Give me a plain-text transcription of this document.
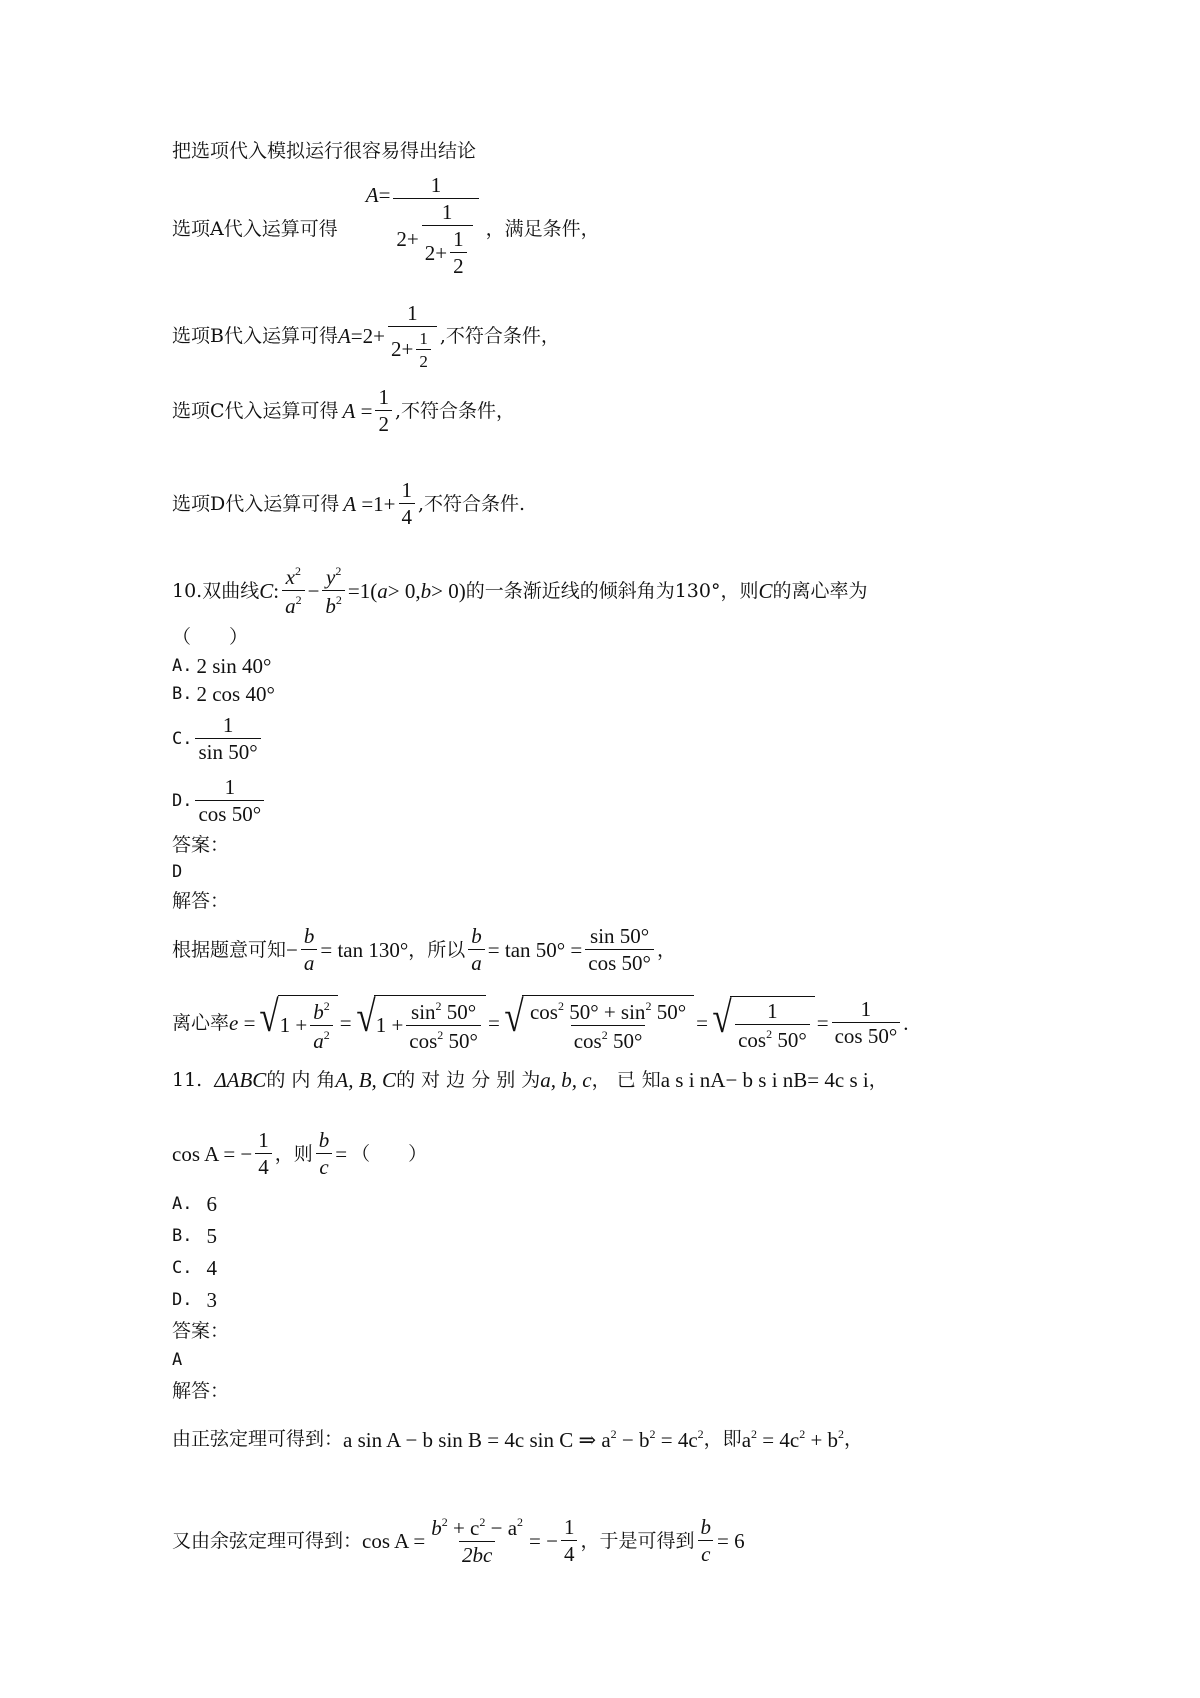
把选项代入模拟运行很容易得出结论
选项A代入运算可得
A= 1
$2+ \frac{1}{2+ \frac{1}{2}}$ ，满足条件，
选项B代入运算可得 $A =2+ \frac{1}{2+ \frac{1}{2}}$ ,不符合条件，
选项C代入运算可得 A
= $\frac{1}{2}$ ,不符合条件，
选项D代入运算可得 A
$=1+ \frac{1}{4}$ ,不符合条件.
10.双曲线 C : $\frac{x^2}{a^2} - \frac{y^2}{b^2} =1$( a > 0, b > 0) 的一条渐近线的倾斜角为130°，则 C 的离心率为
（　　）
A. 2 sin 40°
B. 2 cos 40°
C. $\frac{1}{\sin 50^\circ}$
D. $\frac{1}{\cos 50^\circ}$
答案：
D
解答：
根据题意可知 − $\frac{b}{a} = \tan 130^\circ$ ，所以 $\frac{b}{a} = \tan 50^\circ = \frac{\sin 50^\circ}{\cos 50^\circ}$ ，
离心率 e
= √ $1 + \frac{b^2}{a^2}$ = √ $1 + \frac{\sin^2 50^\circ}{\cos^2 50^\circ}$ = √ $\frac{\cos^2 50^\circ + \sin^2 50^\circ}{\cos^2 50^\circ}$ = √ $\frac{1}{\cos^2 50^\circ} = \frac{1}{\cos 50^\circ}$ .
11.
ΔABC 的 内 角 A, B, C 的 对 边 分 别 为 a, b, c ， 已 知 a s i nA− b s i nB= 4c s i ，
cos A = − $\frac{1}{4}$ ，则 $\frac{b}{c}$ = （　　）
A. 6
B. 5
C. 4
D. 3
答案：
A
解答：
由正弦定理可得到： a sin A − b sin B = 4c sin C ⇒ $a^2 - b^2 = 4c^2$ ，即 $a^2 = 4c^2 + b^2$ ，
又由余弦定理可得到： $\cos A = \frac{b^2 + c^2 - a^2}{2bc}$ = − $\frac{1}{4}$ ，于是可得到 $\frac{b}{c} = 6$
